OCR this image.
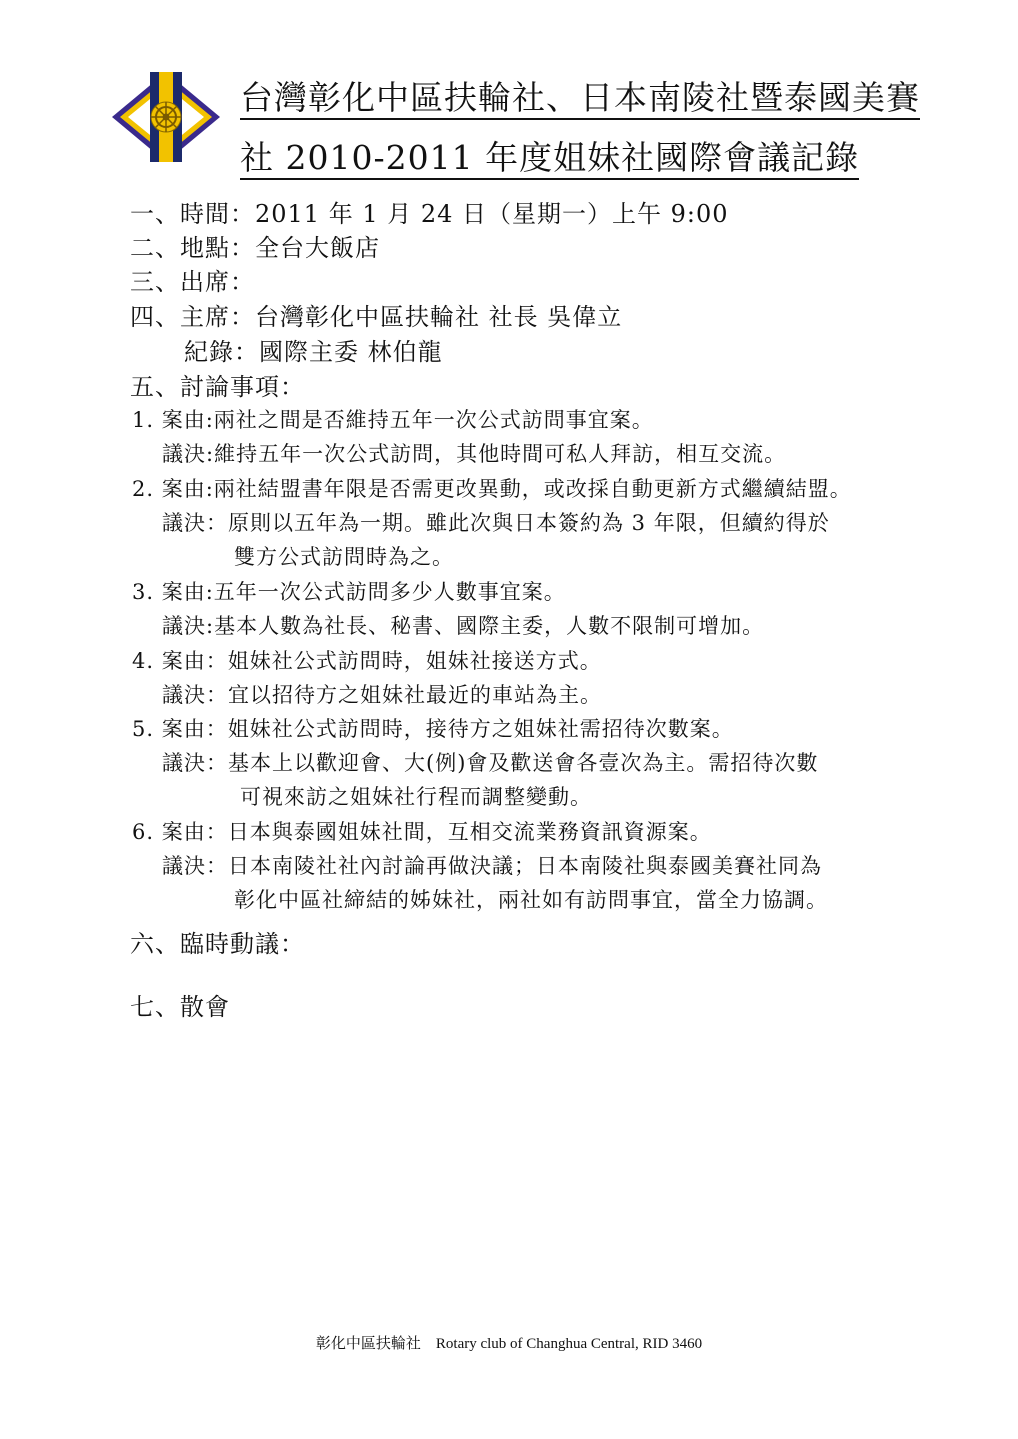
台灣彰化中區扶輪社、日本南陵社暨泰國美賽
社 2010-2011 年度姐妹社國際會議記錄
一、時間：2011 年 1 月 24 日（星期一）上午 9:00
二、地點：全台大飯店
三、出席：
四、主席：台灣彰化中區扶輪社 社長 吳偉立
紀錄：國際主委 林伯龍
五、討論事項：
1. 案由:兩社之間是否維持五年一次公式訪問事宜案。
議決:維持五年一次公式訪問，其他時間可私人拜訪，相互交流。
2. 案由:兩社結盟書年限是否需更改異動，或改採自動更新方式繼續結盟。
議決：原則以五年為一期。雖此次與日本簽約為 3 年限，但續約得於
雙方公式訪問時為之。
3. 案由:五年一次公式訪問多少人數事宜案。
議決:基本人數為社長、秘書、國際主委，人數不限制可增加。
4. 案由：姐妹社公式訪問時，姐妹社接送方式。
議決：宜以招待方之姐妹社最近的車站為主。
5. 案由：姐妹社公式訪問時，接待方之姐妹社需招待次數案。
議決：基本上以歡迎會、大(例)會及歡送會各壹次為主。需招待次數
可視來訪之姐妹社行程而調整變動。
6. 案由：日本與泰國姐妹社間，互相交流業務資訊資源案。
議決：日本南陵社社內討論再做決議；日本南陵社與泰國美賽社同為
彰化中區社締結的姊妹社，兩社如有訪問事宜，當全力協調。
六、臨時動議：
七、散會
彰化中區扶輪社　Rotary club of Changhua Central, RID 3460
